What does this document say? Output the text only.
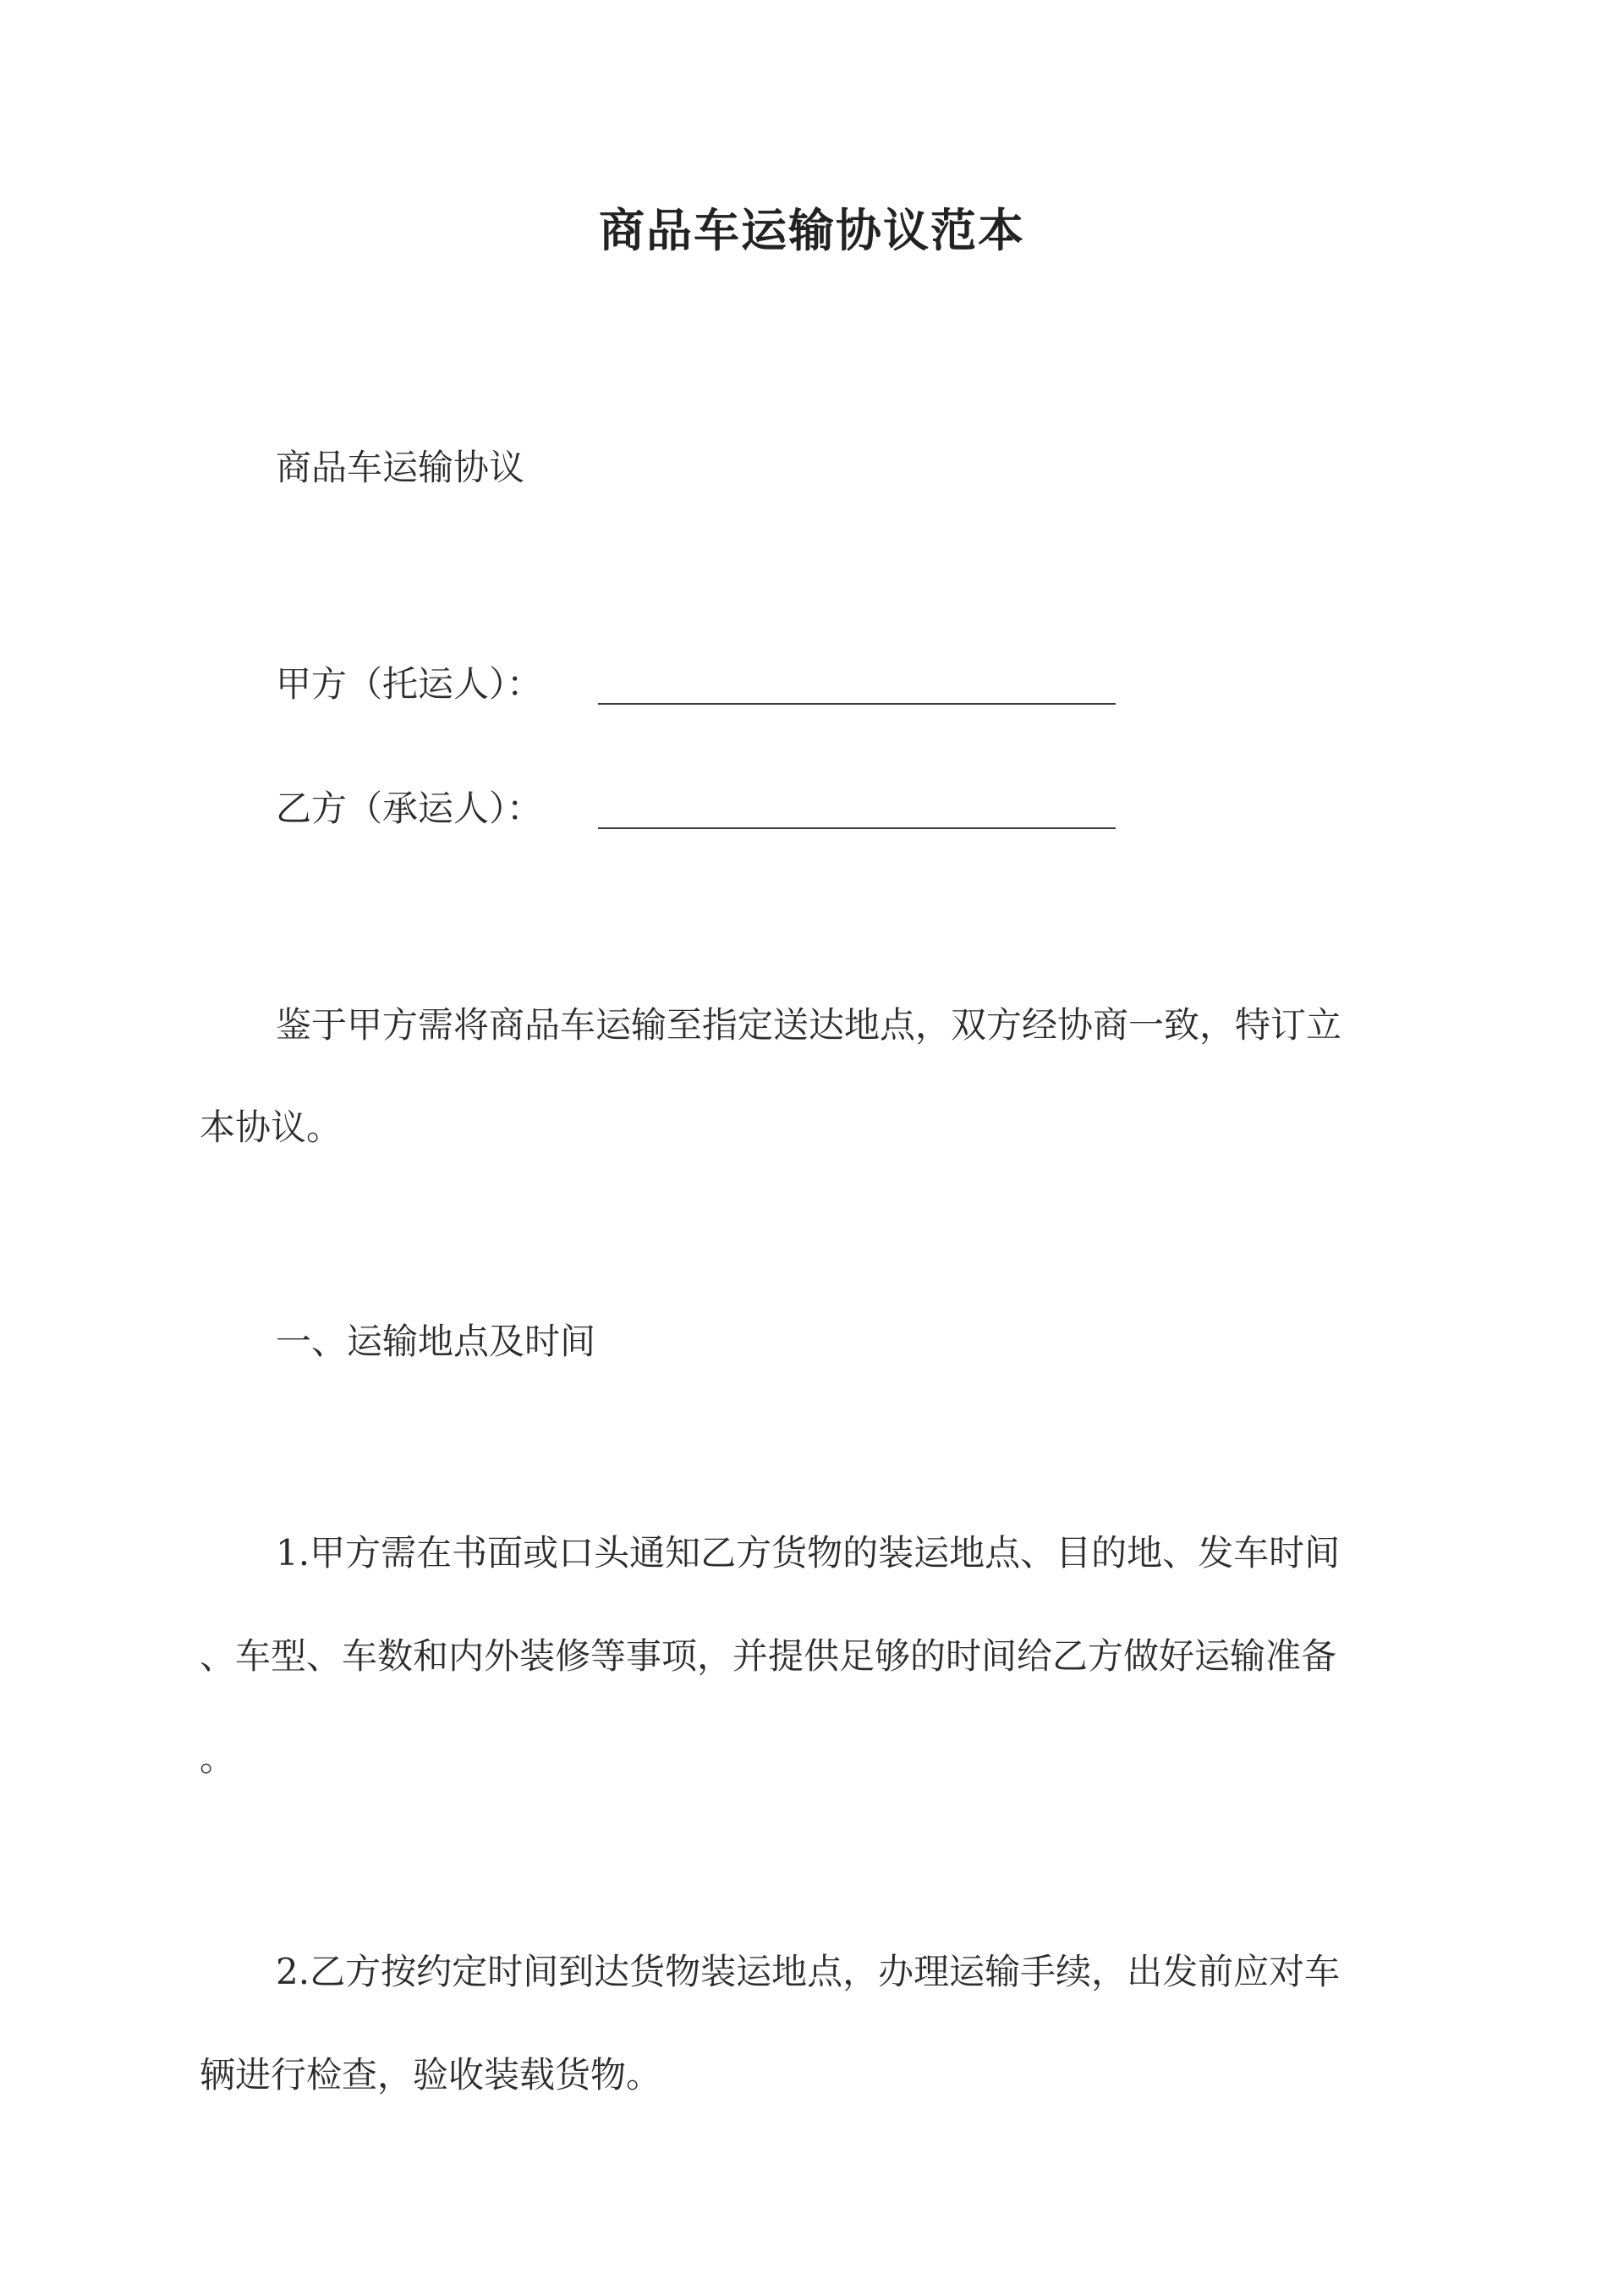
商品车运输协议范本
商品车运输协议
甲方（托运人）：
乙方（承运人）：
鉴于甲方需将商品车运输至指定送达地点，双方经协商一致，特订立
本协议。
一、运输地点及时间
1.甲方需在书面或口头通知乙方货物的装运地点、目的地、发车时间
、车型、车数和内外装修等事项，并提供足够的时间给乙方做好运输准备
。
2.乙方按约定时间到达货物装运地点，办理运输手续，出发前应对车
辆进行检查，验收装载货物。
